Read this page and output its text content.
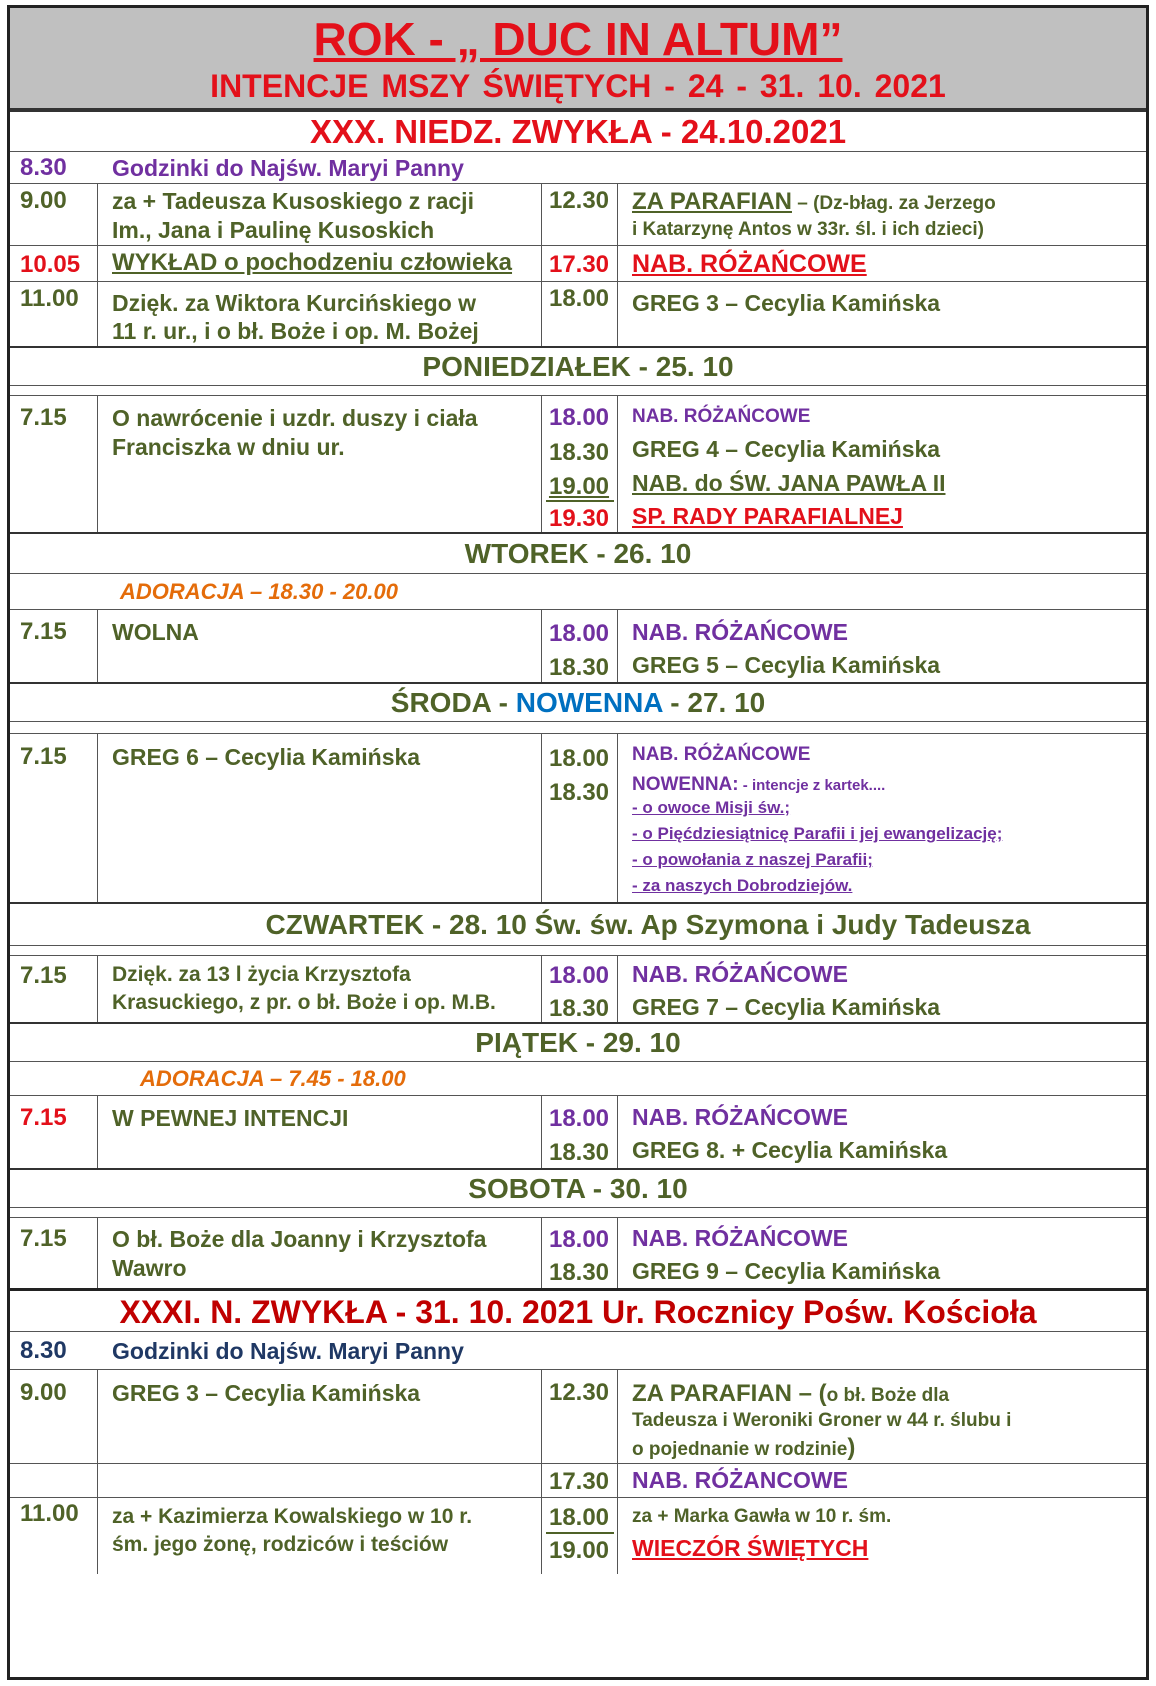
ROK - „ DUC IN ALTUM”
INTENCJE MSZY ŚWIĘTYCH - 24 - 31. 10. 2021
XXX. NIEDZ. ZWYKŁA - 24.10.2021
8.30 Godzinki do Najśw. Maryi Panny
9.00 za + Tadeusza Kusoskiego z racji
Im., Jana i Paulinę Kusoskich
12.30 ZA PARAFIAN – (Dz-błag. za Jerzego
i Katarzynę Antos w 33r. śl. i ich dzieci)
10.05 WYKŁAD o pochodzeniu człowieka 17.30 NAB. RÓŻAŃCOWE
11.00 Dzięk. za Wiktora Kurcińskiego w
11 r. ur., i o bł. Boże i op. M. Bożej
18.00 GREG 3 – Cecylia Kamińska
PONIEDZIAŁEK - 25. 10
7.15 O nawrócenie i uzdr. duszy i ciała
Franciszka w dniu ur.
18.00	NAB. RÓŻAŃCOWE
18.30 GREG 4 – Cecylia Kamińska
19.00 NAB. do ŚW. JANA PAWŁA II
19.30 SP. RADY PARAFIALNEJ
WTOREK - 26. 10
ADORACJA – 18.30 - 20.00
7.15 WOLNA	18.00 NAB. RÓŻAŃCOWE
18.30 GREG 5 – Cecylia Kamińska
ŚRODA - NOWENNA - 27. 10
7.15 GREG 6 – Cecylia Kamińska	18.00	NAB. RÓŻAŃCOWE
18.30	NOWENNA: - intencje z kartek....
- o owoce Misji św.;
- o Pięćdziesiątnicę Parafii i jej ewangelizację;
- o powołania z naszej Parafii;
- za naszych Dobrodziejów.
CZWARTEK - 28. 10 Św. św. Ap Szymona i Judy Tadeusza
7.15 Dzięk. za 13 l życia Krzysztofa
Krasuckiego, z pr. o bł. Boże i op. M.B.
18.00 NAB. RÓŻAŃCOWE
18.30 GREG 7 – Cecylia Kamińska
PIĄTEK - 29. 10
ADORACJA – 7.45 - 18.00
7.15 W PEWNEJ INTENCJI	18.00 NAB. RÓŻAŃCOWE
18.30 GREG 8. + Cecylia Kamińska
SOBOTA - 30. 10
7.15 O bł. Boże dla Joanny i Krzysztofa
Wawro
18.00 NAB. RÓŻAŃCOWE
18.30 GREG 9 – Cecylia Kamińska
XXXI. N. ZWYKŁA - 31. 10. 2021 Ur. Rocznicy Pośw. Kościoła
8.30 Godzinki do Najśw. Maryi Panny
9.00 GREG 3 – Cecylia Kamińska	12.30 ZA PARAFIAN – (o bł. Boże dla
Tadeusza i Weroniki Groner w 44 r. ślubu i
o pojednanie w rodzinie)
17.30 NAB. RÓŻANCOWE
11.00 za + Kazimierza Kowalskiego w 10 r.
śm. jego żonę, rodziców i teściów
18.00	za + Marka Gawła w 10 r. śm.
19.00 WIECZÓR ŚWIĘTYCH
